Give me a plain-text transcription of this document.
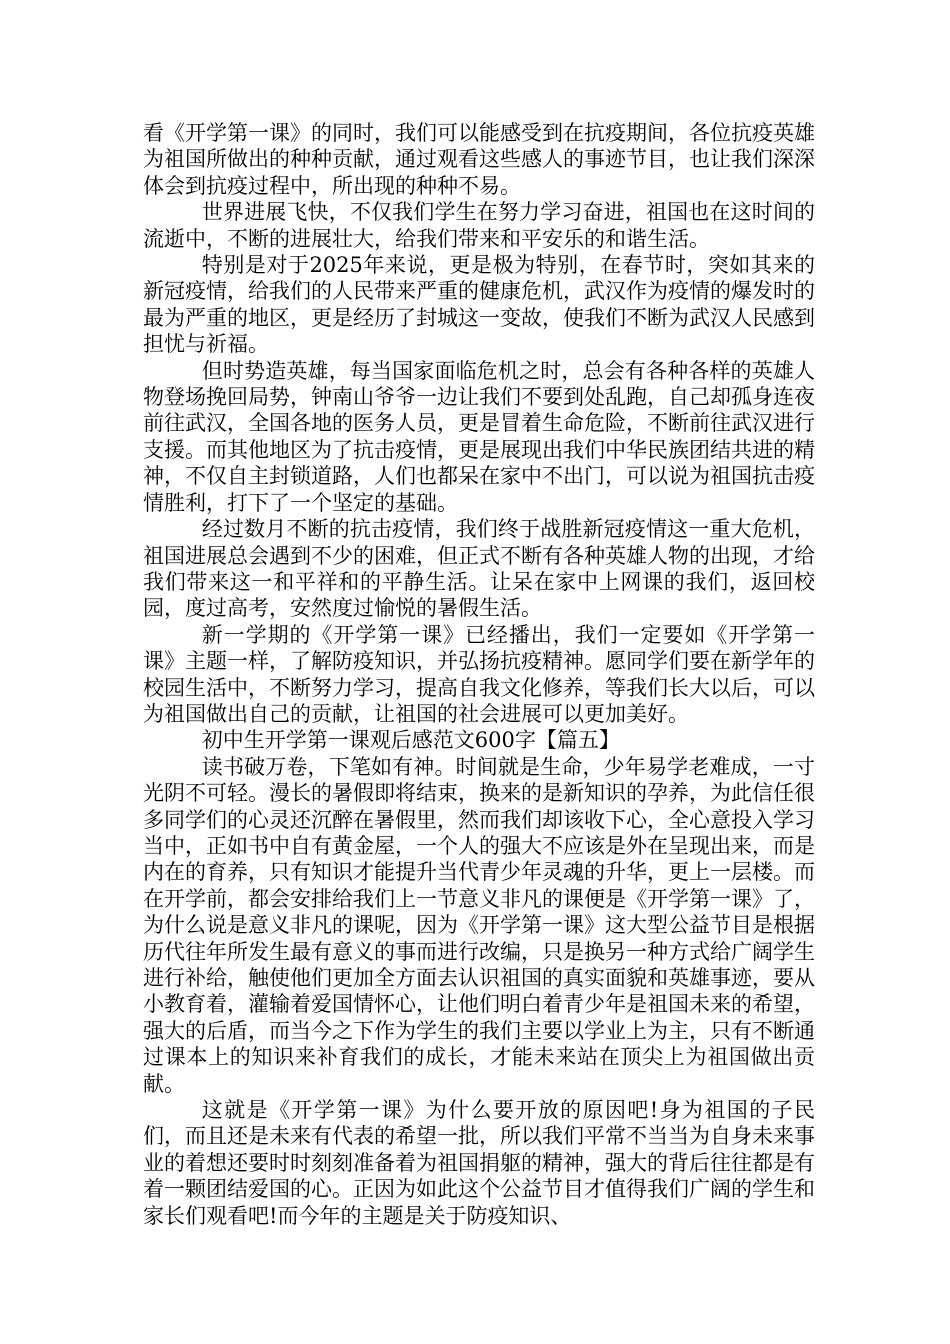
看《开学第一课》的同时，我们可以能感受到在抗疫期间，各位抗疫英雄为祖国所做出的种种贡献，通过观看这些感人的事迹节目，也让我们深深体会到抗疫过程中，所出现的种种不易。

世界进展飞快，不仅我们学生在努力学习奋进，祖国也在这时间的流逝中，不断的进展壮大，给我们带来和平安乐的和谐生活。

特别是对于2025年来说，更是极为特别，在春节时，突如其来的新冠疫情，给我们的人民带来严重的健康危机，武汉作为疫情的爆发时的最为严重的地区，更是经历了封城这一变故，使我们不断为武汉人民感到担忧与祈福。

但时势造英雄，每当国家面临危机之时，总会有各种各样的英雄人物登场挽回局势，钟南山爷爷一边让我们不要到处乱跑，自己却孤身连夜前往武汉，全国各地的医务人员，更是冒着生命危险，不断前往武汉进行支援。而其他地区为了抗击疫情，更是展现出我们中华民族团结共进的精神，不仅自主封锁道路，人们也都呆在家中不出门，可以说为祖国抗击疫情胜利，打下了一个坚定的基础。

经过数月不断的抗击疫情，我们终于战胜新冠疫情这一重大危机，祖国进展总会遇到不少的困难，但正式不断有各种英雄人物的出现，才给我们带来这一和平祥和的平静生活。让呆在家中上网课的我们，返回校园，度过高考，安然度过愉悦的暑假生活。

新一学期的《开学第一课》已经播出，我们一定要如《开学第一课》主题一样，了解防疫知识，并弘扬抗疫精神。愿同学们要在新学年的校园生活中，不断努力学习，提高自我文化修养，等我们长大以后，可以为祖国做出自己的贡献，让祖国的社会进展可以更加美好。

初中生开学第一课观后感范文600字【篇五】

读书破万卷，下笔如有神。时间就是生命，少年易学老难成，一寸光阴不可轻。漫长的暑假即将结束，换来的是新知识的孕养，为此信任很多同学们的心灵还沉醉在暑假里，然而我们却该收下心，全心意投入学习当中，正如书中自有黄金屋，一个人的强大不应该是外在呈现出来，而是内在的育养，只有知识才能提升当代青少年灵魂的升华，更上一层楼。而在开学前，都会安排给我们上一节意义非凡的课便是《开学第一课》了，为什么说是意义非凡的课呢，因为《开学第一课》这大型公益节目是根据历代往年所发生最有意义的事而进行改编，只是换另一种方式给广阔学生进行补给，触使他们更加全方面去认识祖国的真实面貌和英雄事迹，要从小教育着，灌输着爱国情怀心，让他们明白着青少年是祖国未来的希望，强大的后盾，而当今之下作为学生的我们主要以学业上为主，只有不断通过课本上的知识来补育我们的成长，才能未来站在顶尖上为祖国做出贡献。

这就是《开学第一课》为什么要开放的原因吧!身为祖国的子民们，而且还是未来有代表的希望一批，所以我们平常不当当为自身未来事业的着想还要时时刻刻准备着为祖国捐躯的精神，强大的背后往往都是有着一颗团结爱国的心。正因为如此这个公益节目才值得我们广阔的学生和家长们观看吧!而今年的主题是关于防疫知识、
